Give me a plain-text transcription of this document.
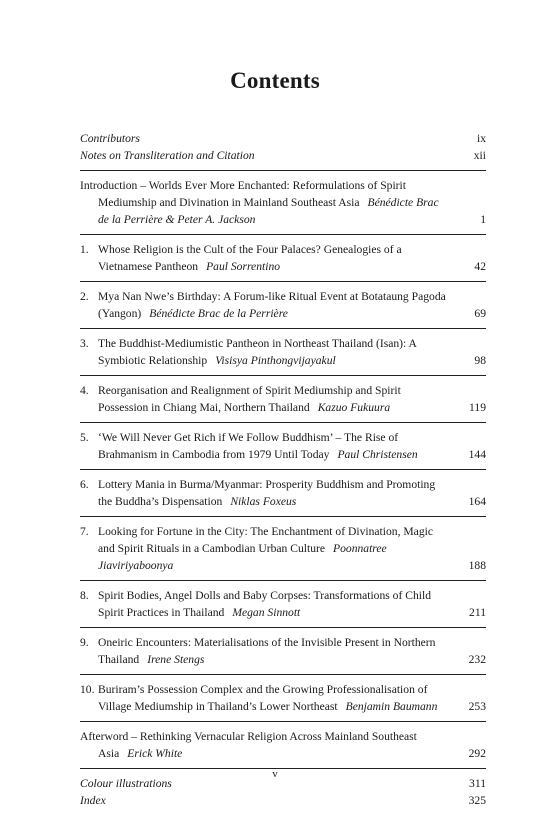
Contents
Contributors	ix
Notes on Transliteration and Citation	xii
Introduction – Worlds Ever More Enchanted: Reformulations of Spirit Mediumship and Divination in Mainland Southeast Asia Bénédicte Brac de la Perrière & Peter A. Jackson	1
1. Whose Religion is the Cult of the Four Palaces? Genealogies of a Vietnamese Pantheon Paul Sorrentino	42
2. Mya Nan Nwe’s Birthday: A Forum-like Ritual Event at Botataung Pagoda (Yangon) Bénédicte Brac de la Perrière	69
3. The Buddhist-Mediumistic Pantheon in Northeast Thailand (Isan): A Symbiotic Relationship Visisya Pinthongvijayakul	98
4. Reorganisation and Realignment of Spirit Mediumship and Spirit Possession in Chiang Mai, Northern Thailand Kazuo Fukuura	119
5. ‘We Will Never Get Rich if We Follow Buddhism’ – The Rise of Brahmanism in Cambodia from 1979 Until Today Paul Christensen	144
6. Lottery Mania in Burma/Myanmar: Prosperity Buddhism and Promoting the Buddha’s Dispensation Niklas Foxeus	164
7. Looking for Fortune in the City: The Enchantment of Divination, Magic and Spirit Rituals in a Cambodian Urban Culture Poonnatree Jiaviriyaboonya	188
8. Spirit Bodies, Angel Dolls and Baby Corpses: Transformations of Child Spirit Practices in Thailand Megan Sinnott	211
9. Oneiric Encounters: Materialisations of the Invisible Present in Northern Thailand Irene Stengs	232
10. Buriram’s Possession Complex and the Growing Professionalisation of Village Mediumship in Thailand’s Lower Northeast Benjamin Baumann	253
Afterword – Rethinking Vernacular Religion Across Mainland Southeast Asia Erick White	292
Colour illustrations	311
Index	325
v
